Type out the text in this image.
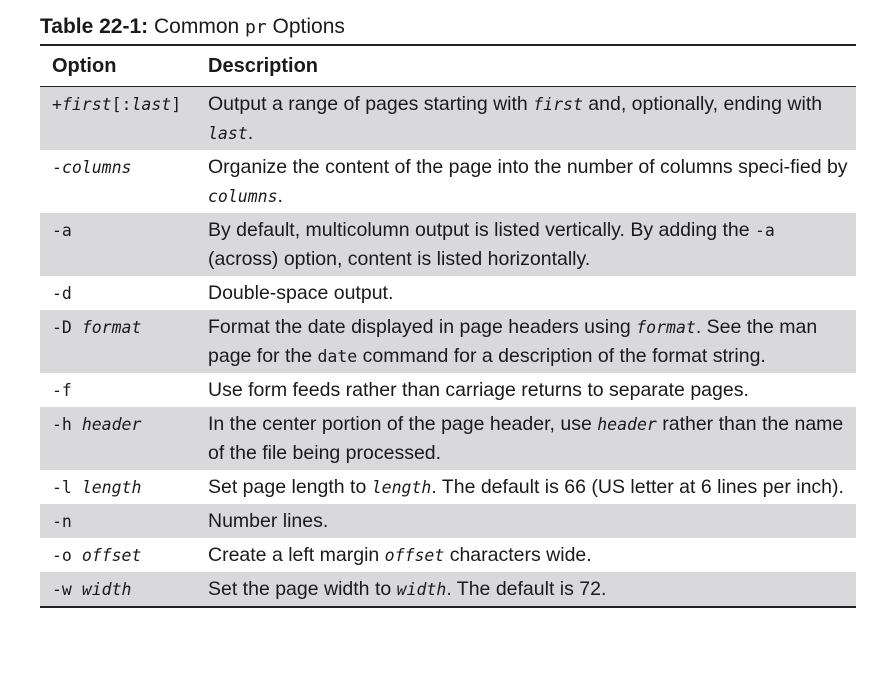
Table 22-1: Common pr Options
Option	Description
+first[:last]	Output a range of pages starting with first and, optionally, ending with last.
-columns	Organize the content of the page into the number of columns speci-fied by columns.
-a	By default, multicolumn output is listed vertically. By adding the -a (across) option, content is listed horizontally.
-d	Double-space output.
-D format	Format the date displayed in page headers using format. See the man page for the date command for a description of the format string.
-f	Use form feeds rather than carriage returns to separate pages.
-h header	In the center portion of the page header, use header rather than the name of the file being processed.
-l length	Set page length to length. The default is 66 (US letter at 6 lines per inch).
-n	Number lines.
-o offset	Create a left margin offset characters wide.
-w width	Set the page width to width. The default is 72.
